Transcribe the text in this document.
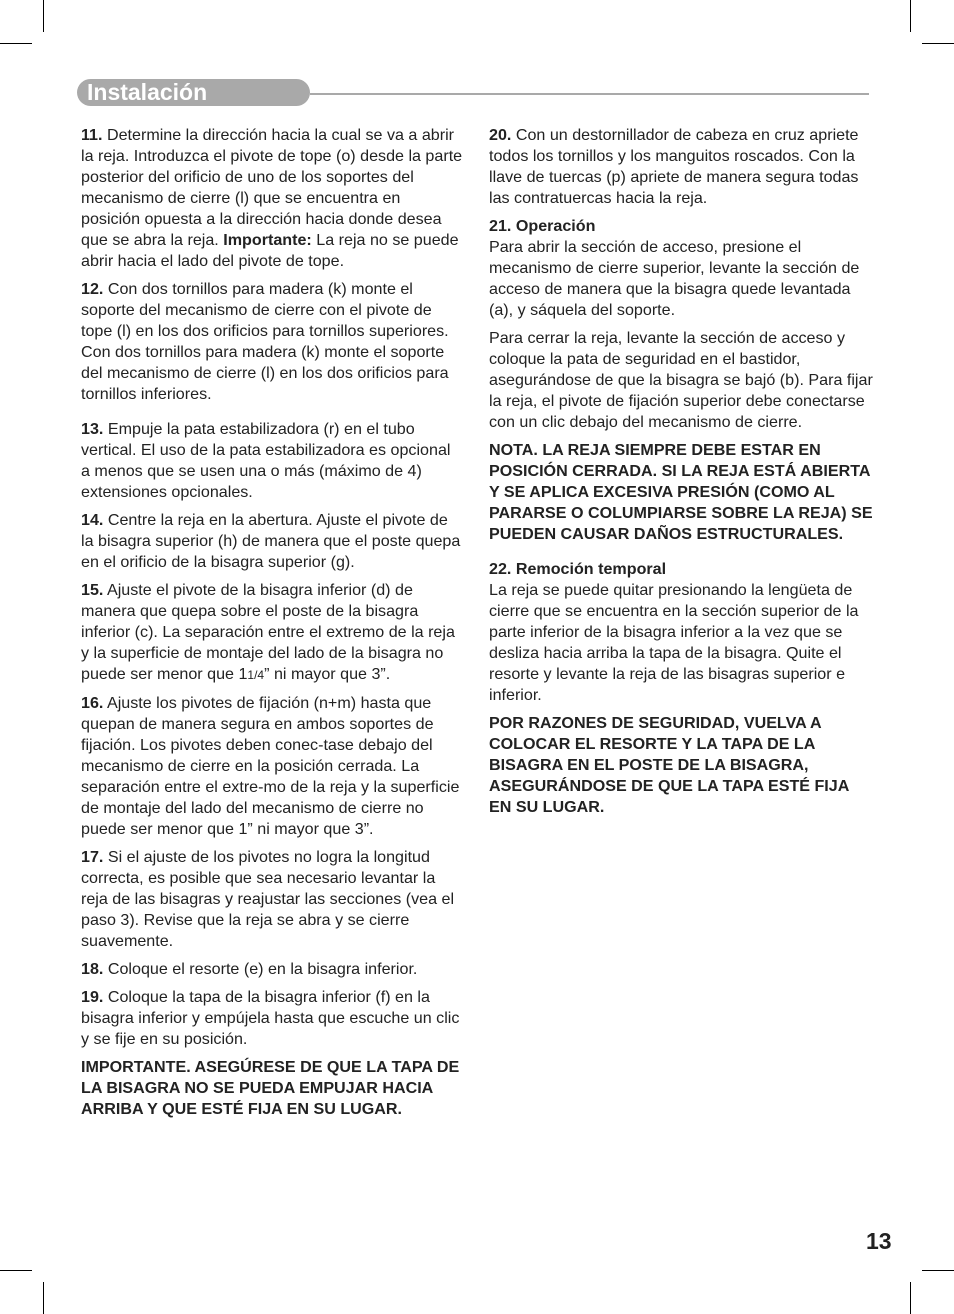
Instalación

11. Determine la dirección hacia la cual se va a abrir la reja. Introduzca el pivote de tope (o) desde la parte posterior del orificio de uno de los soportes del mecanismo de cierre (l) que se encuentra en posición opuesta a la dirección hacia donde desea que se abra la reja. Importante: La reja no se puede abrir hacia el lado del pivote de tope.

12. Con dos tornillos para madera (k) monte el soporte del mecanismo de cierre con el pivote de tope (l) en los dos orificios para tornillos superiores. Con dos tornillos para madera (k) monte el soporte del mecanismo de cierre (l) en los dos orificios para tornillos inferiores.

13. Empuje la pata estabilizadora (r) en el tubo vertical. El uso de la pata estabilizadora es opcional a menos que se usen una o más (máximo de 4) extensiones opcionales.

14. Centre la reja en la abertura. Ajuste el pivote de la bisagra superior (h) de manera que el poste quepa en el orificio de la bisagra superior (g).

15. Ajuste el pivote de la bisagra inferior (d) de manera que quepa sobre el poste de la bisagra inferior (c). La separación entre el extremo de la reja y la superficie de montaje del lado de la bisagra no puede ser menor que 11/4” ni mayor que 3”.

16. Ajuste los pivotes de fijación (n+m) hasta que quepan de manera segura en ambos soportes de fijación. Los pivotes deben conec-tase debajo del mecanismo de cierre en la posición cerrada. La separación entre el extre-mo de la reja y la superficie de montaje del lado del mecanismo de cierre no puede ser menor que 1” ni mayor que 3”.

17. Si el ajuste de los pivotes no logra la longitud correcta, es posible que sea necesario levantar la reja de las bisagras y reajustar las secciones (vea el paso 3). Revise que la reja se abra y se cierre suavemente.

18. Coloque el resorte (e) en la bisagra inferior.

19. Coloque la tapa de la bisagra inferior (f) en la bisagra inferior y empújela hasta que escuche un clic y se fije en su posición.

IMPORTANTE. ASEGÚRESE DE QUE LA TAPA DE LA BISAGRA NO SE PUEDA EMPUJAR HACIA ARRIBA Y QUE ESTÉ FIJA EN SU LUGAR.

20. Con un destornillador de cabeza en cruz apriete todos los tornillos y los manguitos roscados. Con la llave de tuercas (p) apriete de manera segura todas las contratuercas hacia la reja.

21. Operación
Para abrir la sección de acceso, presione el mecanismo de cierre superior, levante la sección de acceso de manera que la bisagra quede levantada (a), y sáquela del soporte.

Para cerrar la reja, levante la sección de acceso y coloque la pata de seguridad en el bastidor, asegurándose de que la bisagra se bajó (b). Para fijar la reja, el pivote de fijación superior debe conectarse con un clic debajo del mecanismo de cierre.

NOTA. LA REJA SIEMPRE DEBE ESTAR EN POSICIÓN CERRADA. SI LA REJA ESTÁ ABIERTA Y SE APLICA EXCESIVA PRESIÓN (COMO AL PARARSE O COLUMPIARSE SOBRE LA REJA) SE PUEDEN CAUSAR DAÑOS ESTRUCTURALES.

22. Remoción temporal
La reja se puede quitar presionando la lengüeta de cierre que se encuentra en la sección superior de la parte inferior de la bisagra inferior a la vez que se desliza hacia arriba la tapa de la bisagra. Quite el resorte y levante la reja de las bisagras superior e inferior.

POR RAZONES DE SEGURIDAD, VUELVA A COLOCAR EL RESORTE Y LA TAPA DE LA BISAGRA EN EL POSTE DE LA BISAGRA, ASEGURÁNDOSE DE QUE LA TAPA ESTÉ FIJA EN SU LUGAR.

13
